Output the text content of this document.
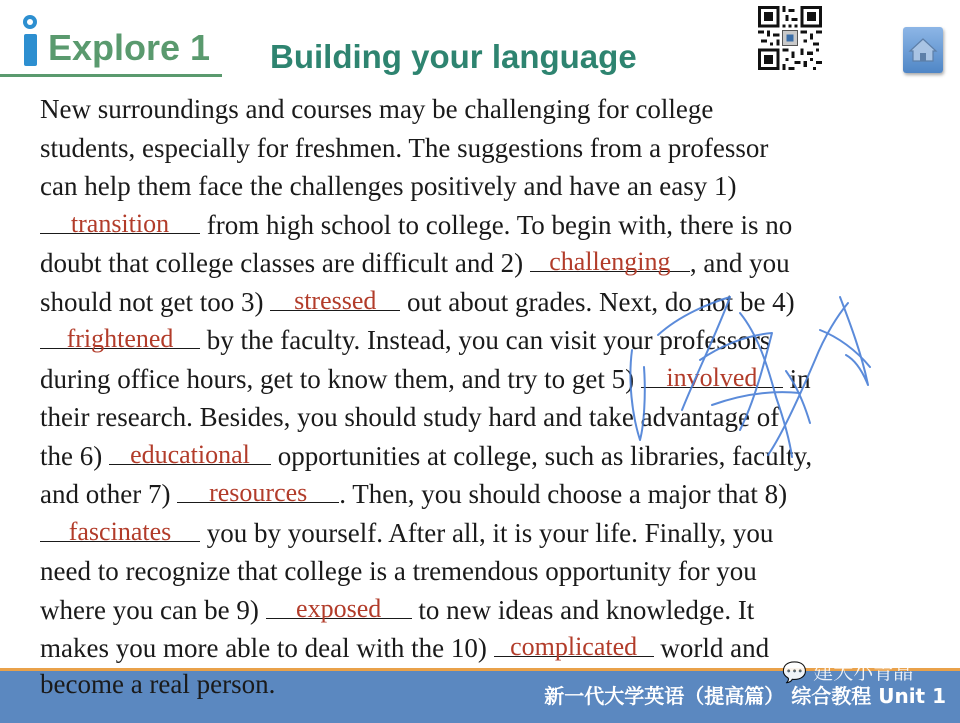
Explore 1 Building your language
New surroundings and courses may be challenging for college
students, especially for freshmen. The suggestions from a professor
can help them face the challenges positively and have an easy 1)
transition	from high school to college. To begin with, there is no
doubt that college classes are difficult and 2) challenging , and you
should not get too 3) stressed out about grades. Next, do not be 4)
frightened by the faculty. Instead, you can visit your professors
during office hours, get to know them, and try to get 5) involved in
their research. Besides, you should study hard and take advantage of
the 6) educational opportunities at college, such as libraries, faculty,
and other 7)	resources	. Then, you should choose a major that 8)
fascinates	you by yourself. After all, it is your life. Finally, you
need to recognize that college is a tremendous opportunity for you
where you can be 9)	exposed	to new ideas and knowledge. It
makes you more able to deal with the 10) complicated world and
新一代大学英语（提高篇） 综合教程 Unit 1
💬 建大小青晶
become a real person.
